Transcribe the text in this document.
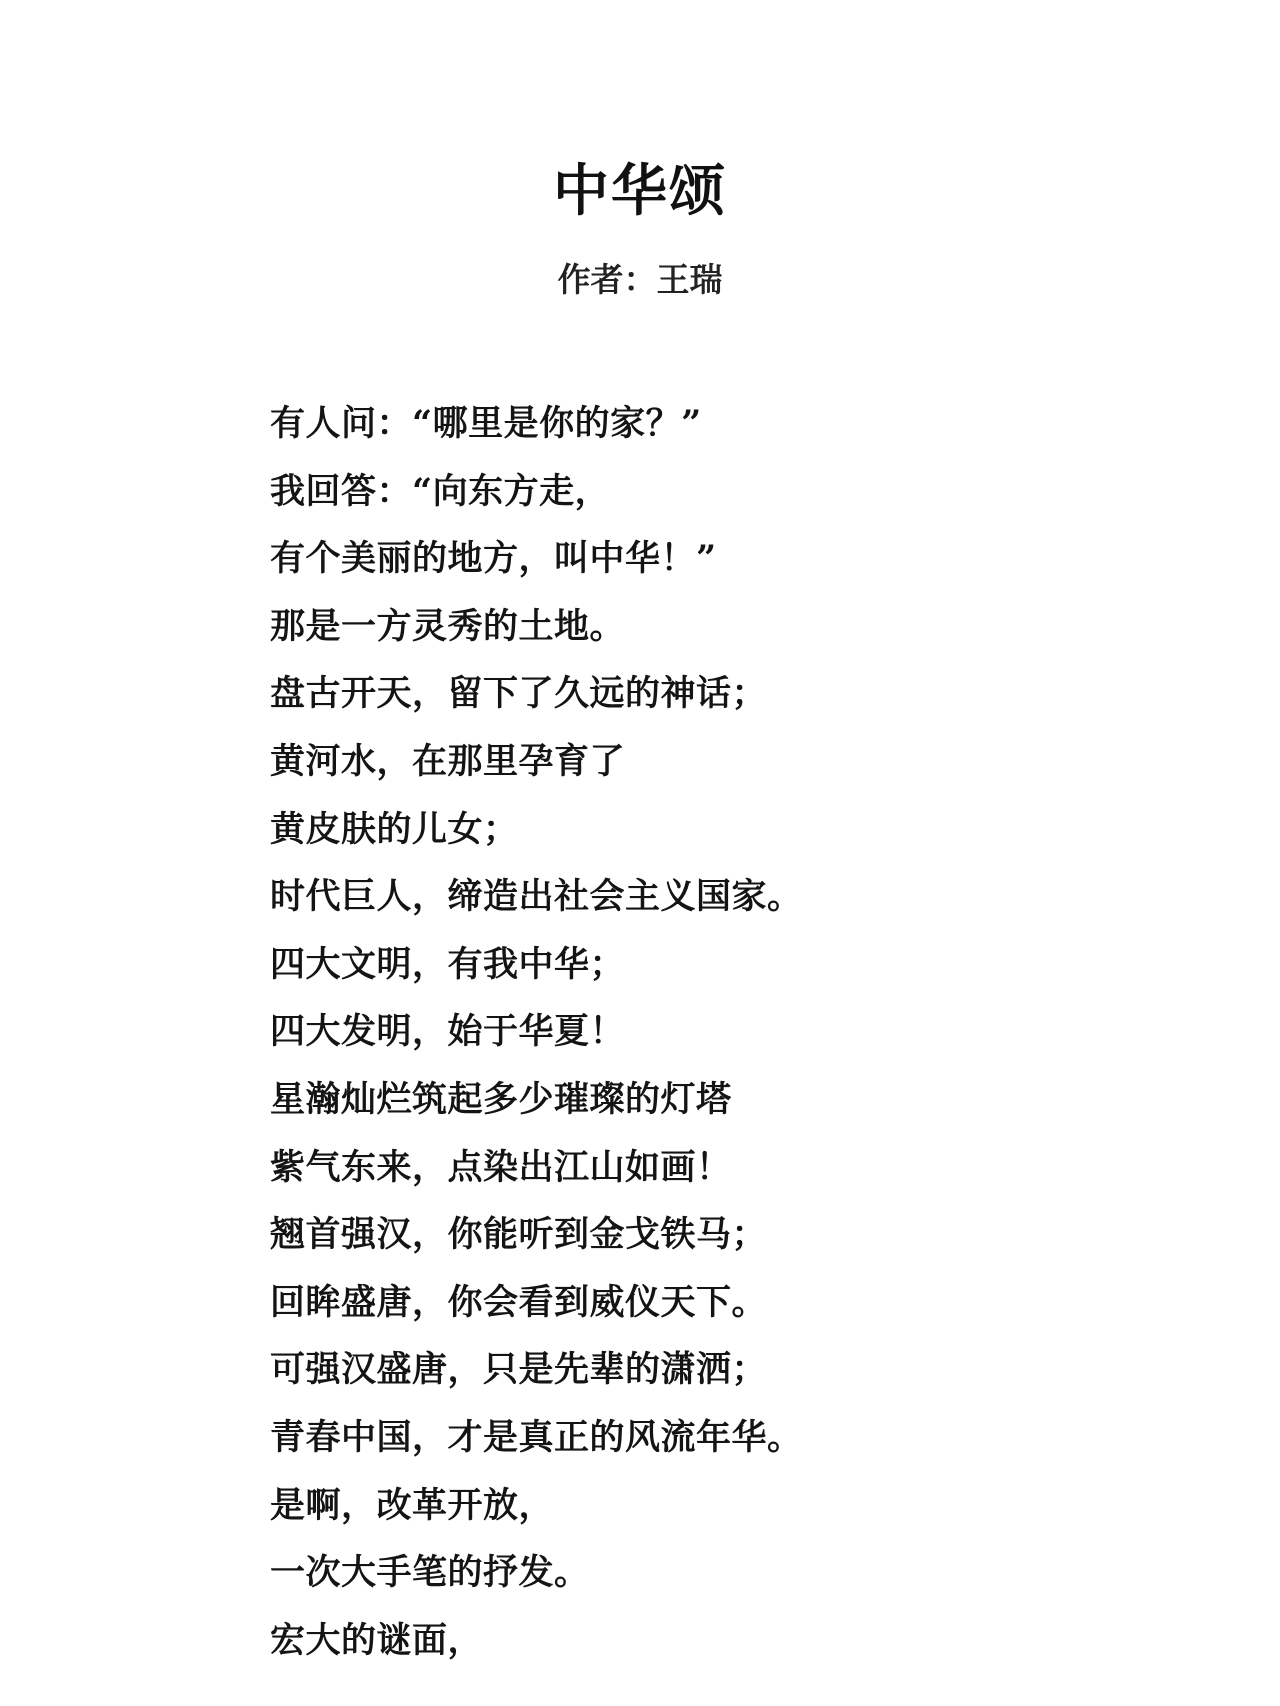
中华颂
作者：王瑞
有人问：“哪里是你的家？”
我回答：“向东方走，
有个美丽的地方，叫中华！”
那是一方灵秀的土地。
盘古开天，留下了久远的神话；
黄河水，在那里孕育了
黄皮肤的儿女；
时代巨人，缔造出社会主义国家。
四大文明，有我中华；
四大发明，始于华夏！
星瀚灿烂筑起多少璀璨的灯塔
紫气东来，点染出江山如画！
翘首强汉，你能听到金戈铁马；
回眸盛唐，你会看到威仪天下。
可强汉盛唐，只是先辈的潇洒；
青春中国，才是真正的风流年华。
是啊，改革开放，
一次大手笔的抒发。
宏大的谜面，
